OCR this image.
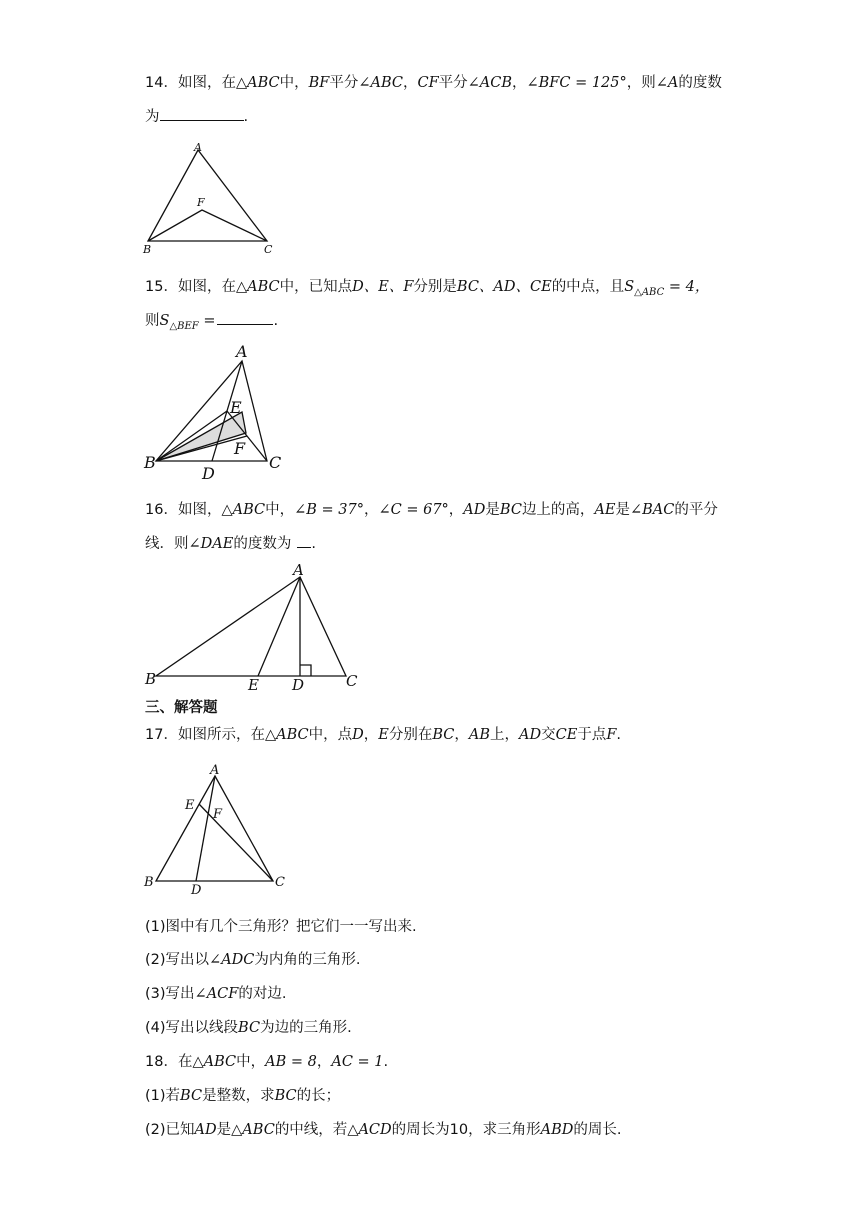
14．如图，在△ABC中，BF平分∠ABC，CF平分∠ACB，∠BFC = 125°，则∠A的度数
为	.
A
B	C
F
15．如图，在△ABC中，已知点D、E、F分别是BC、AD、CE的中点，且$S_{\triangle ABC} = 4$，
则$S_{\triangle BEF}$ =	.
A
B	C
D
E
F
16．如图，△ABC中，∠B = 37°，∠C = 67°，AD是BC边上的高，AE是∠BAC的平分
线．则∠DAE的度数为 .
A
B	C
D
E
三、解答题
17．如图所示，在△ABC中，点D，E分别在BC，AB上，AD交CE于点F.
A
B	C
D
E
F
(1)图中有几个三角形？把它们一一写出来.
(2)写出以∠ADC为内角的三角形.
(3)写出∠ACF的对边.
(4)写出以线段BC为边的三角形.
18．在△ABC中，AB = 8，AC = 1.
(1)若BC是整数，求BC的长；
(2)已知AD是△ABC的中线，若△ACD的周长为10，求三角形ABD的周长.
